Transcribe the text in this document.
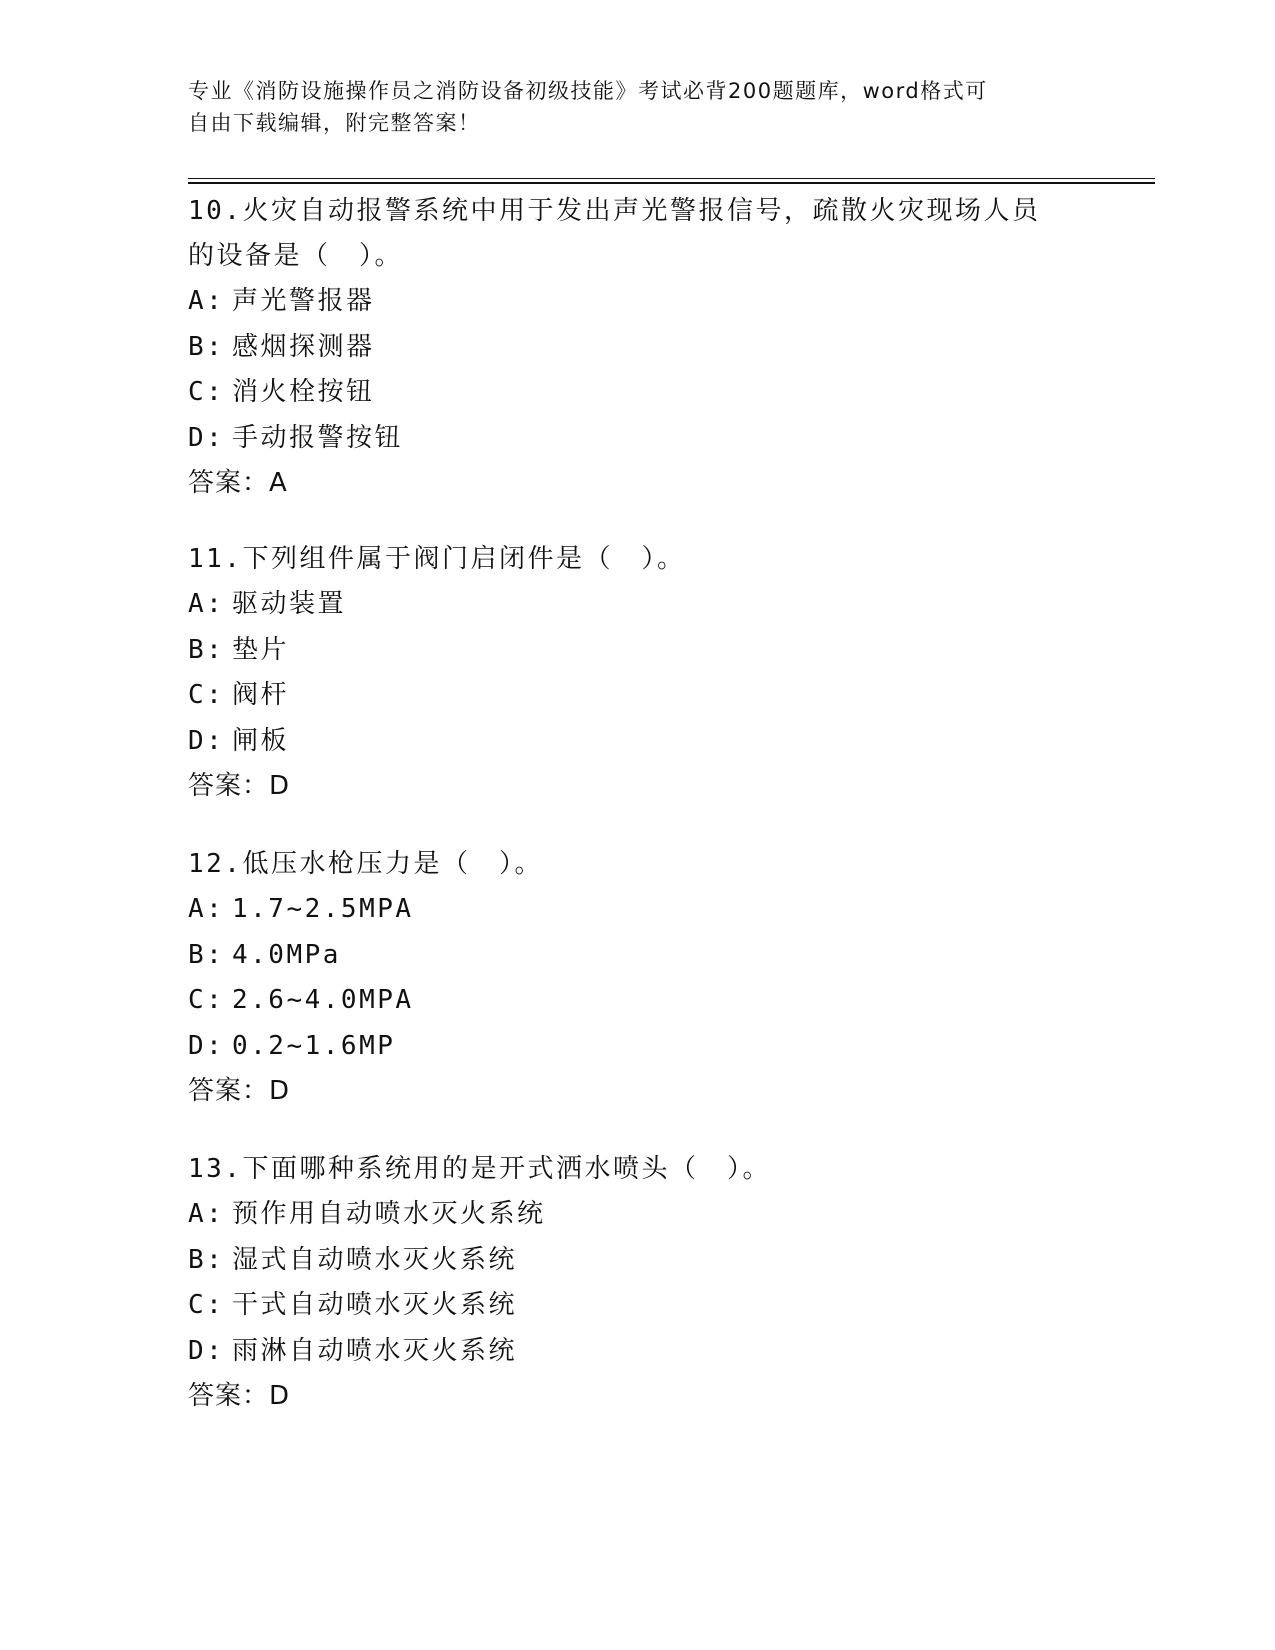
专业《消防设施操作员之消防设备初级技能》考试必背200题题库，word格式可
自由下载编辑，附完整答案！

10.火灾自动报警系统中用于发出声光警报信号，疏散火灾现场人员的设备是（　）。

A: 声光警报器
B: 感烟探测器
C: 消火栓按钮
D: 手动报警按钮
答案：A

11.下列组件属于阀门启闭件是（　）。

A: 驱动装置
B: 垫片
C: 阀杆
D: 闸板
答案：D

12.低压水枪压力是（　）。

A: 1.7~2.5MPA
B: 4.0MPa
C: 2.6~4.0MPA
D: 0.2~1.6MP
答案：D

13.下面哪种系统用的是开式洒水喷头（　）。

A: 预作用自动喷水灭火系统
B: 湿式自动喷水灭火系统
C: 干式自动喷水灭火系统
D: 雨淋自动喷水灭火系统
答案：D
